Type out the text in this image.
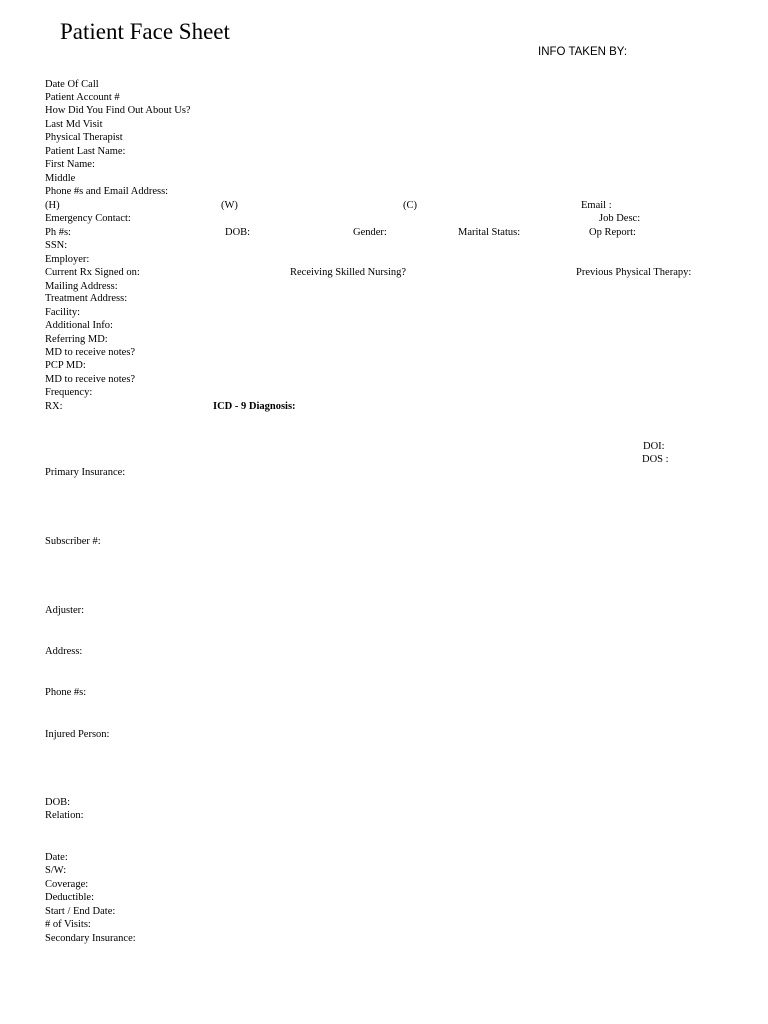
Patient Face Sheet
INFO TAKEN BY:
Date Of Call
Patient Account #
How Did You Find Out About Us?
Last Md Visit
Physical Therapist
Patient Last Name:
First Name:
Middle
Phone #s and Email Address:
(H)	(W)	(C)	Email :
Emergency Contact:	Job Desc:
Ph #s:	DOB:	Gender:	Marital Status:	Op Report:
SSN:
Employer:
Current Rx Signed on:	Receiving Skilled Nursing?	Previous Physical Therapy:
Mailing Address:
Treatment Address:
Facility:
Additional Info:
Referring MD:
MD to receive notes?
PCP MD:
MD to receive notes?
Frequency:
RX:	ICD - 9 Diagnosis:
DOI:
DOS :
Primary Insurance:
Subscriber #:
Adjuster:
Address:
Phone #s:
Injured Person:
DOB:
Relation:
Date:
S/W:
Coverage:
Deductible:
Start / End Date:
# of Visits:
Secondary Insurance:
